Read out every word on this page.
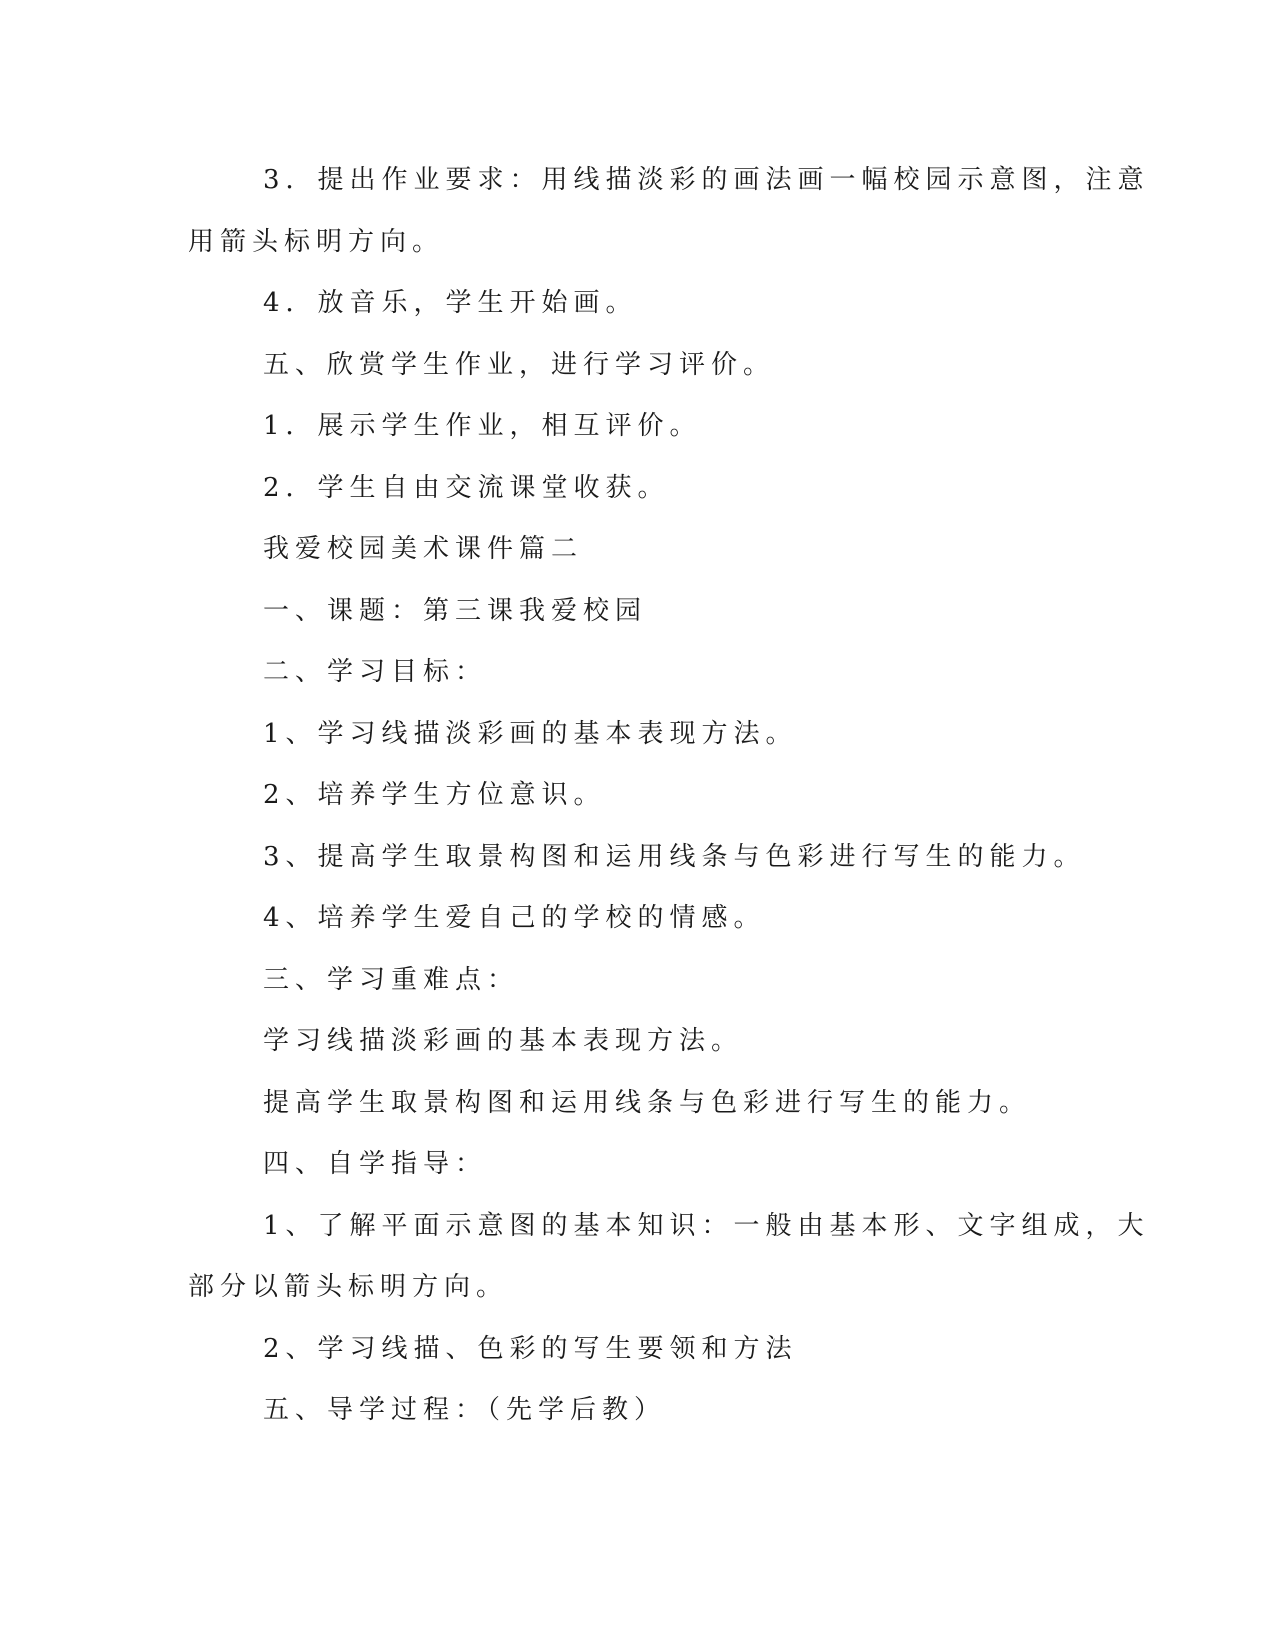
3．提出作业要求：用线描淡彩的画法画一幅校园示意图，注意

用箭头标明方向。

4．放音乐，学生开始画。

五、欣赏学生作业，进行学习评价。

1．展示学生作业，相互评价。

2．学生自由交流课堂收获。

我爱校园美术课件篇二

一、课题：第三课我爱校园

二、学习目标：

1、学习线描淡彩画的基本表现方法。

2、培养学生方位意识。

3、提高学生取景构图和运用线条与色彩进行写生的能力。

4、培养学生爱自己的学校的情感。

三、学习重难点：

学习线描淡彩画的基本表现方法。

提高学生取景构图和运用线条与色彩进行写生的能力。

四、自学指导：

1、了解平面示意图的基本知识：一般由基本形、文字组成，大

部分以箭头标明方向。

2、学习线描、色彩的写生要领和方法

五、导学过程：（先学后教）
